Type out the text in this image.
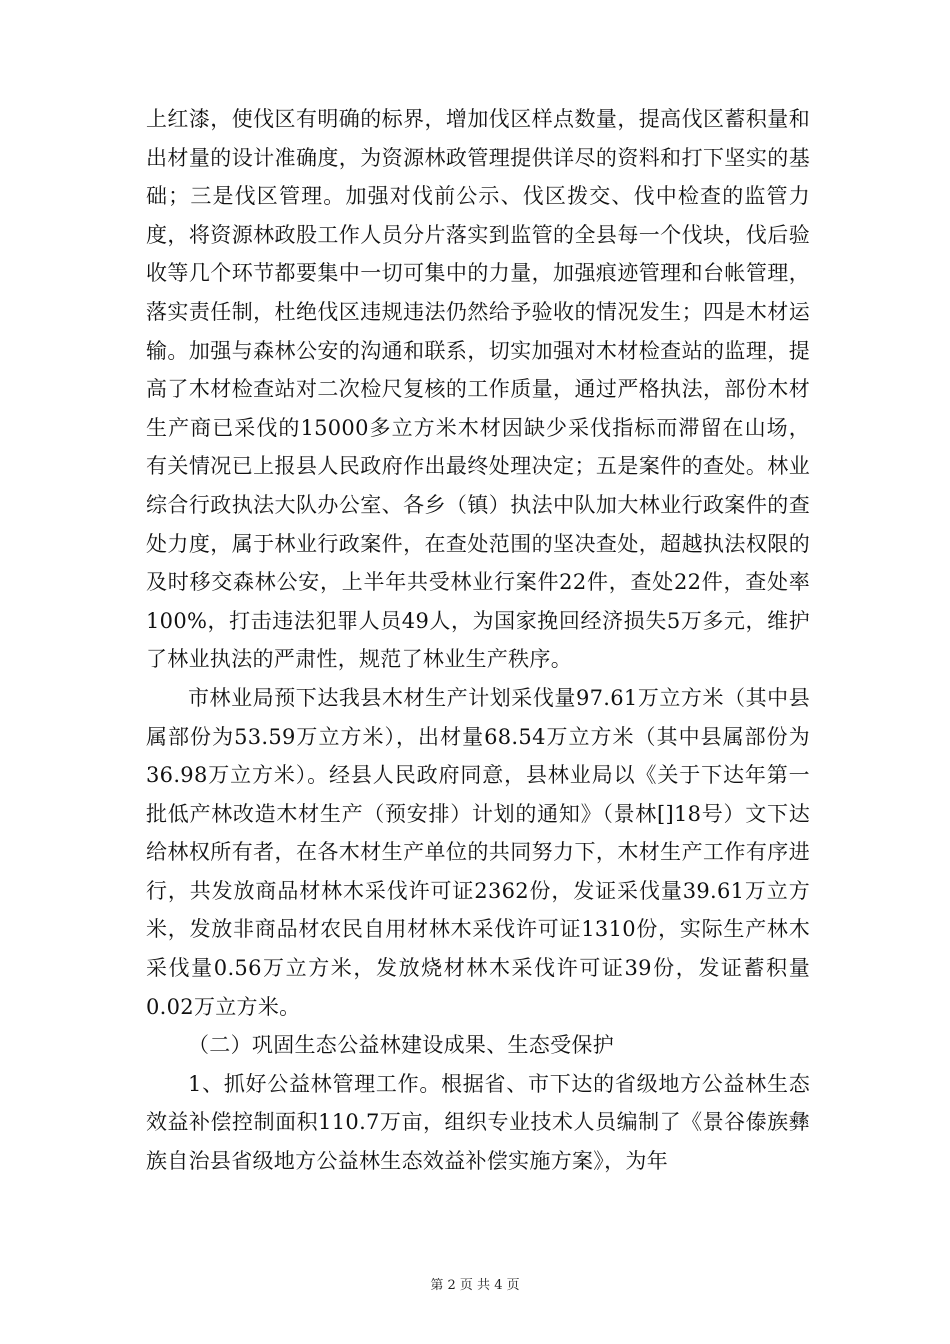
上红漆，使伐区有明确的标界，增加伐区样点数量，提高伐区蓄积量和出材量的设计准确度，为资源林政管理提供详尽的资料和打下坚实的基础；三是伐区管理。加强对伐前公示、伐区拨交、伐中检查的监管力度，将资源林政股工作人员分片落实到监管的全县每一个伐块，伐后验收等几个环节都要集中一切可集中的力量，加强痕迹管理和台帐管理，落实责任制，杜绝伐区违规违法仍然给予验收的情况发生；四是木材运输。加强与森林公安的沟通和联系，切实加强对木材检查站的监理，提高了木材检查站对二次检尺复核的工作质量，通过严格执法，部份木材生产商已采伐的15000多立方米木材因缺少采伐指标而滞留在山场，有关情况已上报县人民政府作出最终处理决定；五是案件的查处。林业综合行政执法大队办公室、各乡（镇）执法中队加大林业行政案件的查处力度，属于林业行政案件，在查处范围的坚决查处，超越执法权限的及时移交森林公安，上半年共受林业行案件22件，查处22件，查处率100%，打击违法犯罪人员49人，为国家挽回经济损失5万多元，维护了林业执法的严肃性，规范了林业生产秩序。

市林业局预下达我县木材生产计划采伐量97.61万立方米（其中县属部份为53.59万立方米），出材量68.54万立方米（其中县属部份为36.98万立方米）。经县人民政府同意，县林业局以《关于下达年第一批低产林改造木材生产（预安排）计划的通知》（景林[]18号）文下达给林权所有者，在各木材生产单位的共同努力下，木材生产工作有序进行，共发放商品材林木采伐许可证2362份，发证采伐量39.61万立方米，发放非商品材农民自用材林木采伐许可证1310份，实际生产林木采伐量0.56万立方米，发放烧材林木采伐许可证39份，发证蓄积量0.02万立方米。

（二）巩固生态公益林建设成果、生态受保护

1、抓好公益林管理工作。根据省、市下达的省级地方公益林生态效益补偿控制面积110.7万亩，组织专业技术人员编制了《景谷傣族彝族自治县省级地方公益林生态效益补偿实施方案》，为年

第 2 页 共 4 页
